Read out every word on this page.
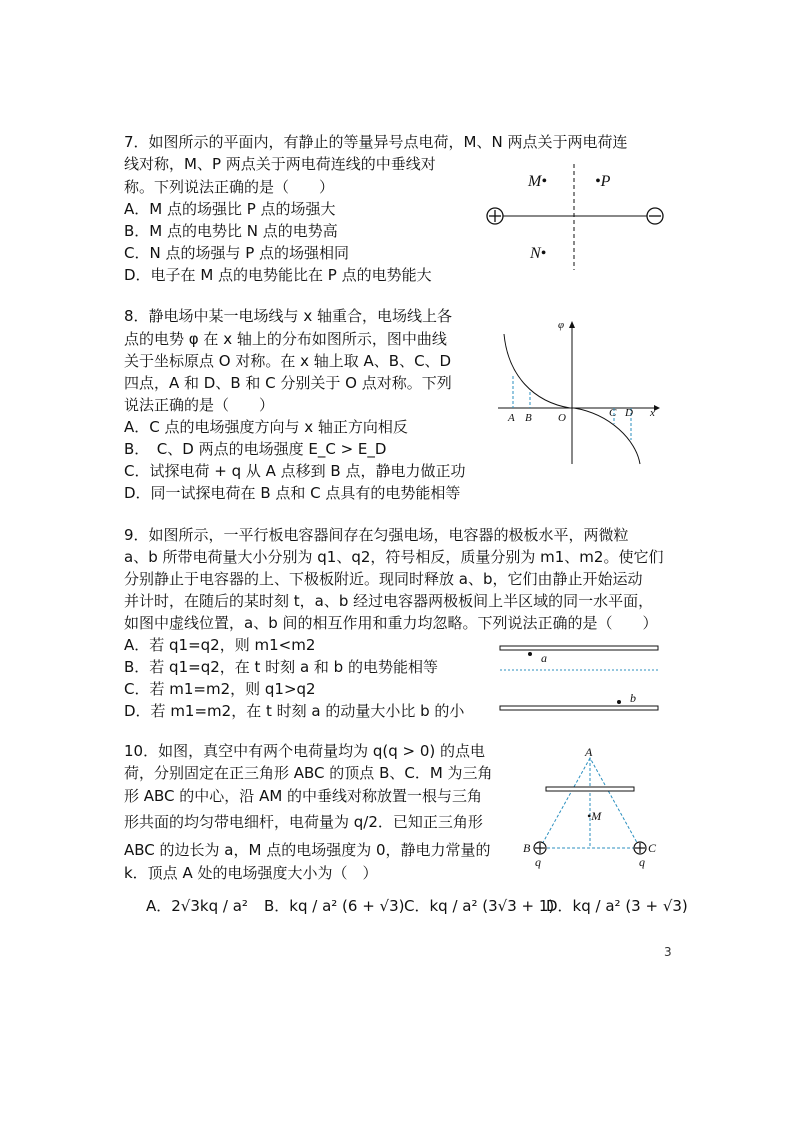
7．如图所示的平面内，有静止的等量异号点电荷，M、N 两点关于两电荷连
线对称，M、P 两点关于两电荷连线的中垂线对
称。下列说法正确的是（　　）
A．M 点的场强比 P 点的场强大
B．M 点的电势比 N 点的电势高
C．N 点的场强与 P 点的场强相同
D．电子在 M 点的电势能比在 P 点的电势能大
M•	•P
N•
8．静电场中某一电场线与 x 轴重合，电场线上各
点的电势 φ 在 x 轴上的分布如图所示，图中曲线
关于坐标原点 O 对称。在 x 轴上取 A、B、C、D
四点，A 和 D、B 和 C 分别关于 O 点对称。下列
说法正确的是（　　）
A．C 点的电场强度方向与 x 轴正方向相反
B．　C、D 两点的电场强度 E_C > E_D
C．试探电荷 + q 从 A 点移到 B 点，静电力做正功
D．同一试探电荷在 B 点和 C 点具有的电势能相等
φ
A B O	C D x
9．如图所示，一平行板电容器间存在匀强电场，电容器的极板水平，两微粒
a、b 所带电荷量大小分别为 q1、q2，符号相反，质量分别为 m1、m2。使它们
分别静止于电容器的上、下极板附近。现同时释放 a、b，它们由静止开始运动
并计时，在随后的某时刻 t，a、b 经过电容器两极板间上半区域的同一水平面，
如图中虚线位置，a、b 间的相互作用和重力均忽略。下列说法正确的是（　　）
A．若 q1=q2，则 m1<m2
B．若 q1=q2，在 t 时刻 a 和 b 的电势能相等
C．若 m1=m2，则 q1>q2
D．若 m1=m2，在 t 时刻 a 的动量大小比 b 的小
a
b
10．如图，真空中有两个电荷量均为 q(q > 0) 的点电
荷，分别固定在正三角形 ABC 的顶点 B、C．M 为三角
形 ABC 的中心，沿 AM 的中垂线对称放置一根与三角
形共面的均匀带电细杆，电荷量为 q/2．已知正三角形
ABC 的边长为 a，M 点的电场强度为 0，静电力常量的
k．顶点 A 处的电场强度大小为（　）
A．2√3kq / a² B．kq / a² (6 + √3) C．kq / a² (3√3 + 1)
D．kq / a² (3 + √3)
A
•M
B	C
q	q
3
